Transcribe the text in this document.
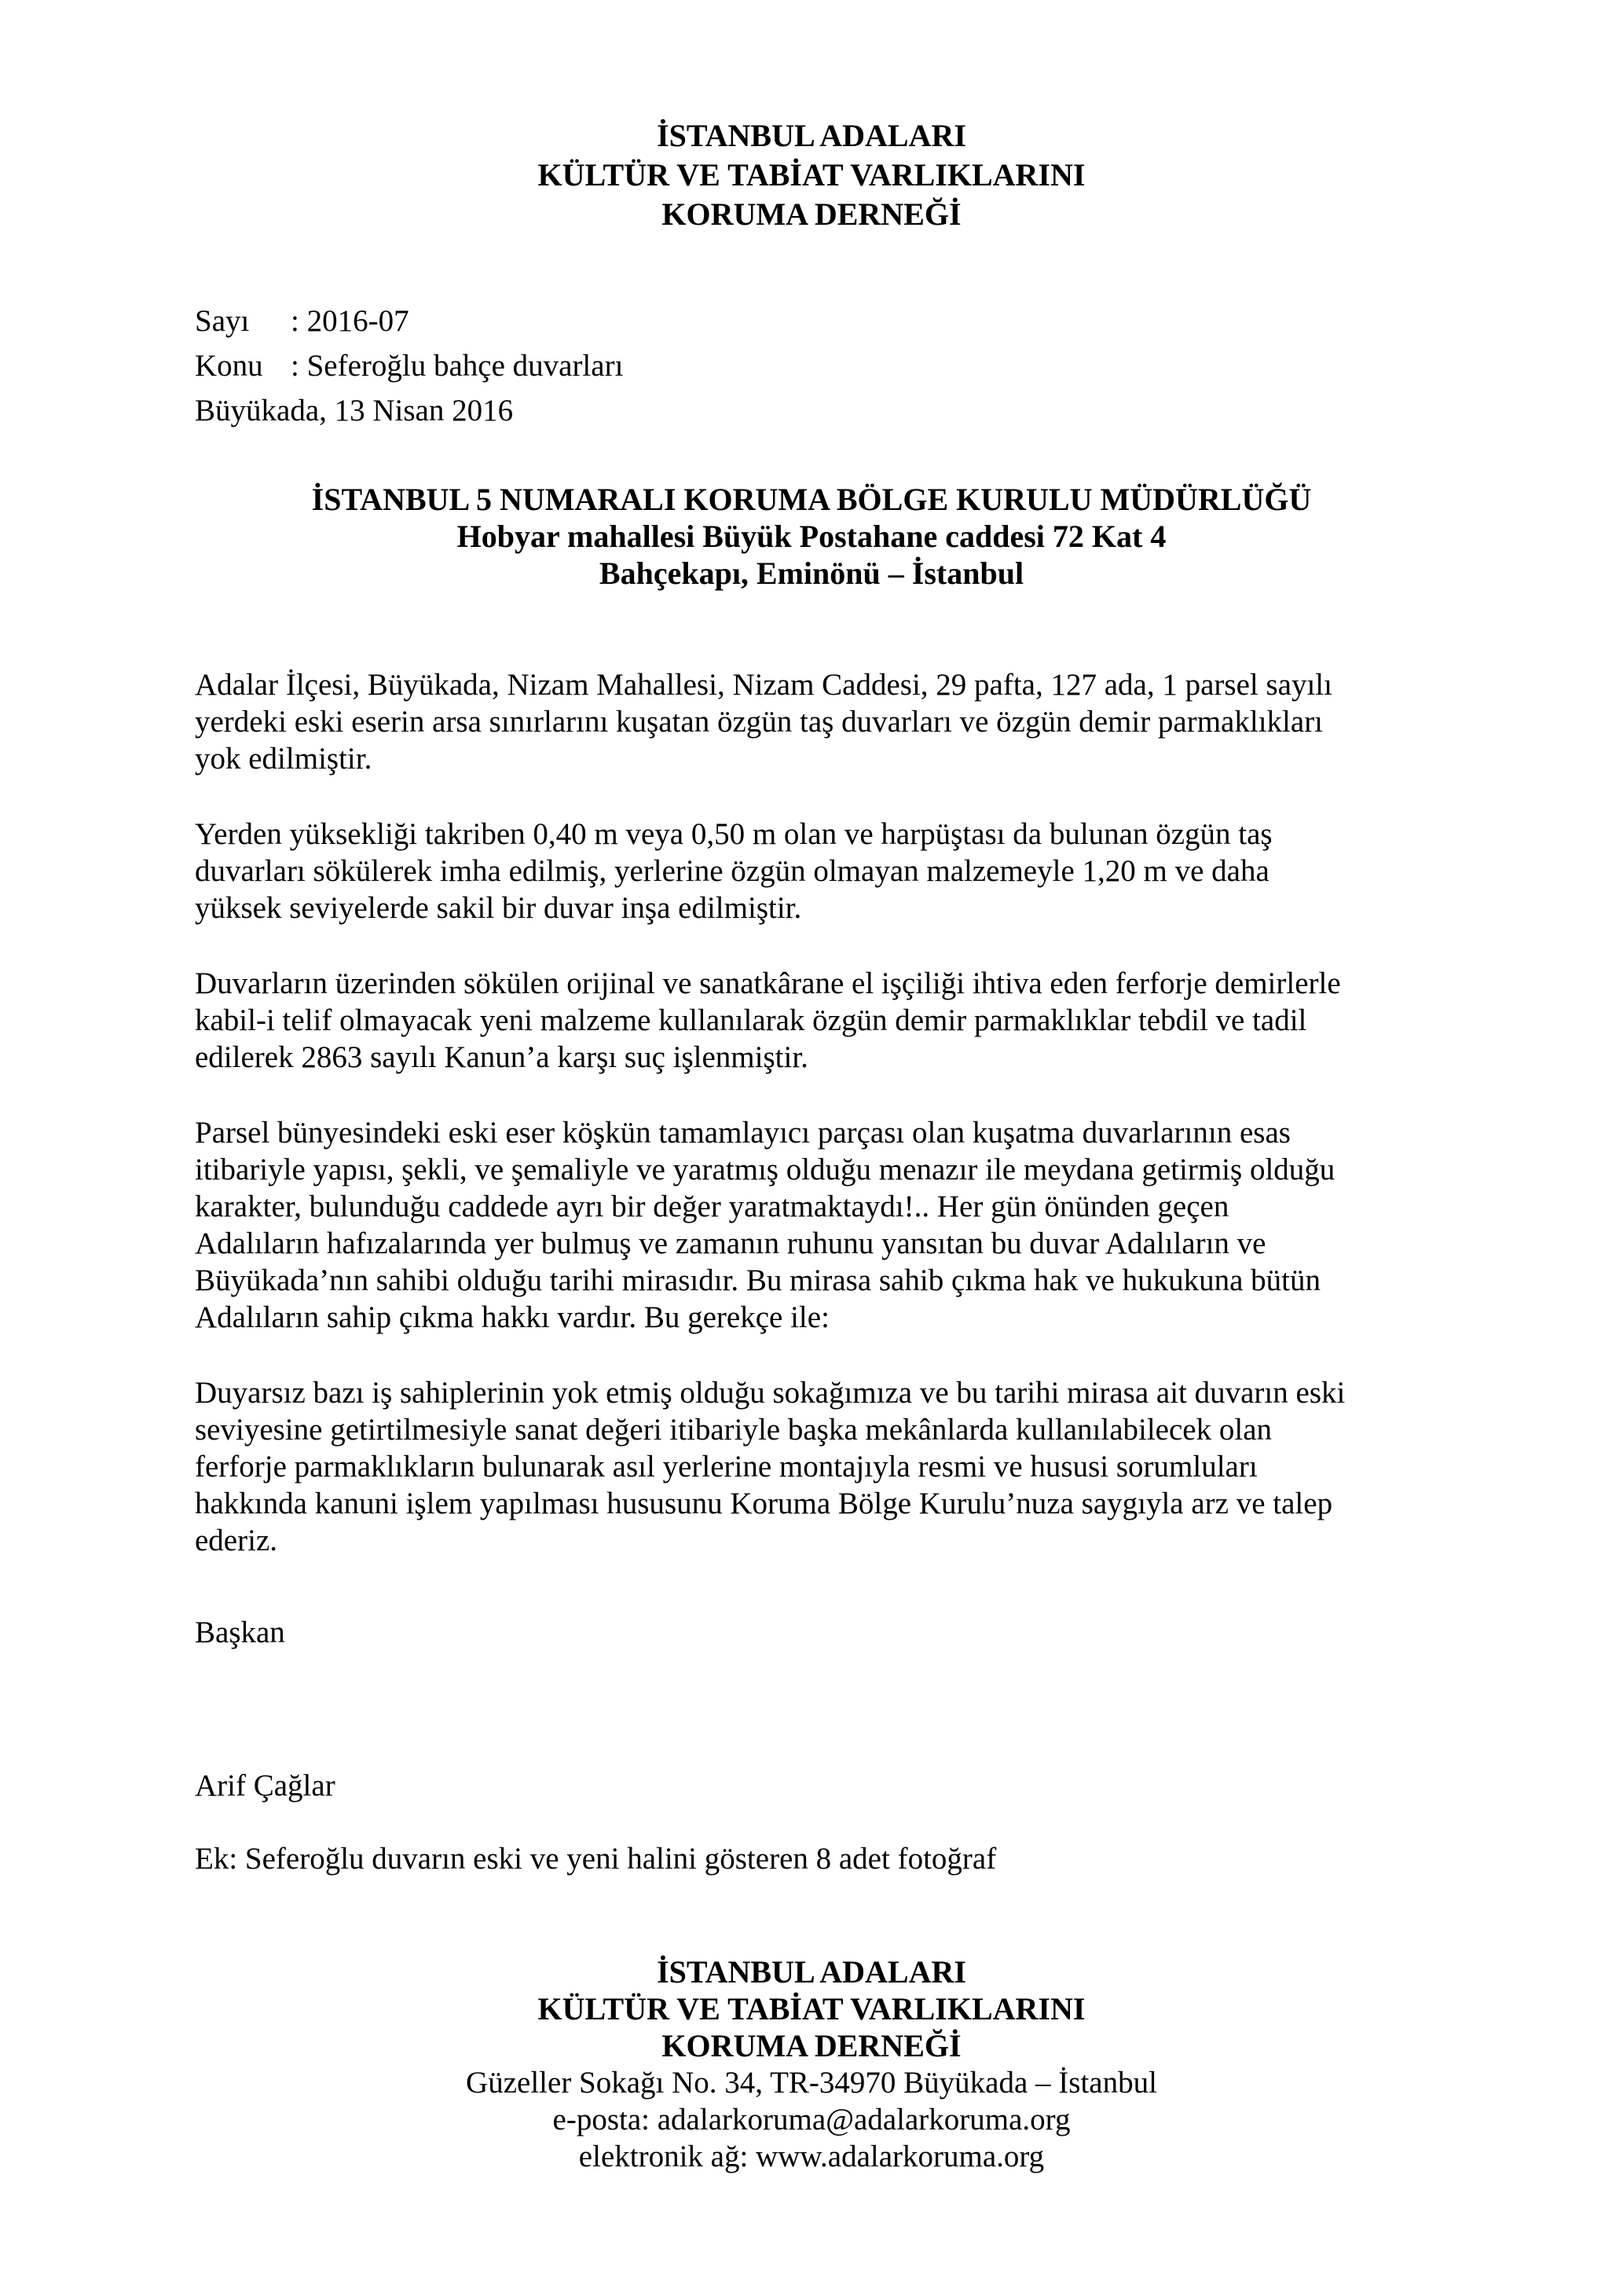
İSTANBUL ADALARI
KÜLTÜR VE TABİAT VARLIKLARINI
KORUMA DERNEĞİ
Sayı : 2016-07
Konu : Seferoğlu bahçe duvarları
Büyükada, 13 Nisan 2016
İSTANBUL 5 NUMARALI KORUMA BÖLGE KURULU MÜDÜRLÜĞÜ
Hobyar mahallesi Büyük Postahane caddesi 72 Kat 4
Bahçekapı, Eminönü – İstanbul
Adalar İlçesi, Büyükada, Nizam Mahallesi, Nizam Caddesi, 29 pafta, 127 ada, 1 parsel sayılı
yerdeki eski eserin arsa sınırlarını kuşatan özgün taş duvarları ve özgün demir parmaklıkları
yok edilmiştir.
Yerden yüksekliği takriben 0,40 m veya 0,50 m olan ve harpüştası da bulunan özgün taş
duvarları sökülerek imha edilmiş, yerlerine özgün olmayan malzemeyle 1,20 m ve daha
yüksek seviyelerde sakil bir duvar inşa edilmiştir.
Duvarların üzerinden sökülen orijinal ve sanatkârane el işçiliği ihtiva eden ferforje demirlerle
kabil-i telif olmayacak yeni malzeme kullanılarak özgün demir parmaklıklar tebdil ve tadil
edilerek 2863 sayılı Kanun’a karşı suç işlenmiştir.
Parsel bünyesindeki eski eser köşkün tamamlayıcı parçası olan kuşatma duvarlarının esas
itibariyle yapısı, şekli, ve şemaliyle ve yaratmış olduğu menazır ile meydana getirmiş olduğu
karakter, bulunduğu caddede ayrı bir değer yaratmaktaydı!.. Her gün önünden geçen
Adalıların hafızalarında yer bulmuş ve zamanın ruhunu yansıtan bu duvar Adalıların ve
Büyükada’nın sahibi olduğu tarihi mirasıdır. Bu mirasa sahib çıkma hak ve hukukuna bütün
Adalıların sahip çıkma hakkı vardır. Bu gerekçe ile:
Duyarsız bazı iş sahiplerinin yok etmiş olduğu sokağımıza ve bu tarihi mirasa ait duvarın eski
seviyesine getirtilmesiyle sanat değeri itibariyle başka mekânlarda kullanılabilecek olan
ferforje parmaklıkların bulunarak asıl yerlerine montajıyla resmi ve hususi sorumluları
hakkında kanuni işlem yapılması hususunu Koruma Bölge Kurulu’nuza saygıyla arz ve talep
ederiz.
Başkan
Arif Çağlar
Ek: Seferoğlu duvarın eski ve yeni halini gösteren 8 adet fotoğraf
İSTANBUL ADALARI
KÜLTÜR VE TABİAT VARLIKLARINI
KORUMA DERNEĞİ
Güzeller Sokağı No. 34, TR-34970 Büyükada – İstanbul
e-posta: adalarkoruma@adalarkoruma.org
elektronik ağ: www.adalarkoruma.org
